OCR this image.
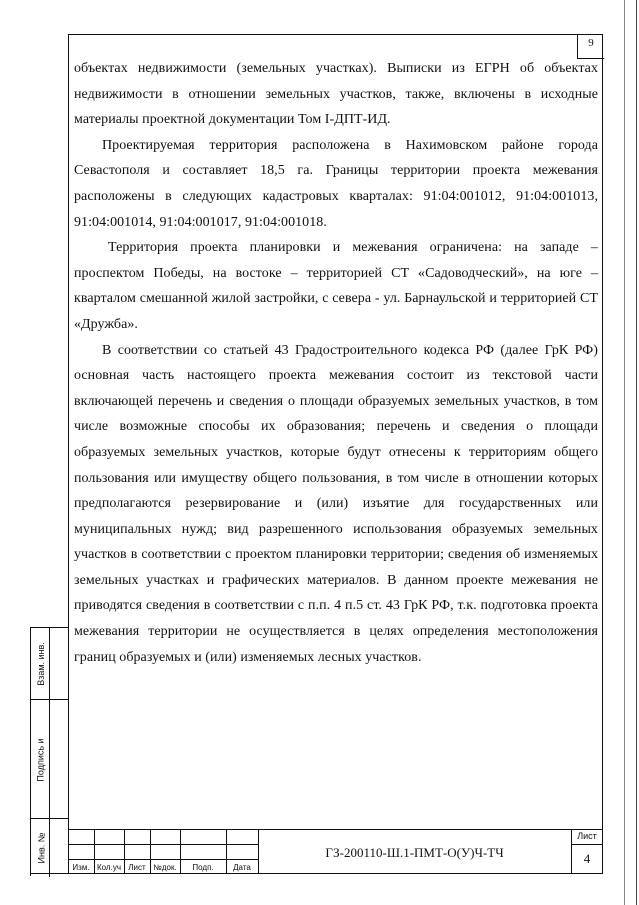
9

объектах недвижимости (земельных участках). Выписки из ЕГРН об объектах недвижимости в отношении земельных участков, также, включены в исходные материалы проектной документации Том I-ДПТ-ИД.

Проектируемая территория расположена в Нахимовском районе города Севастополя и составляет 18,5 га. Границы территории проекта межевания расположены в следующих кадастровых кварталах: 91:04:001012, 91:04:001013, 91:04:001014, 91:04:001017, 91:04:001018.

Территория проекта планировки и межевания ограничена: на западе – проспектом Победы, на востоке – территорией СТ «Садоводческий», на юге – кварталом смешанной жилой застройки, с севера - ул. Барнаульской и территорией СТ «Дружба».

В соответствии со статьей 43 Градостроительного кодекса РФ (далее ГрК РФ) основная часть настоящего проекта межевания состоит из текстовой части включающей перечень и сведения о площади образуемых земельных участков, в том числе возможные способы их образования; перечень и сведения о площади образуемых земельных участков, которые будут отнесены к территориям общего пользования или имуществу общего пользования, в том числе в отношении которых предполагаются резервирование и (или) изъятие для государственных или муниципальных нужд; вид разрешенного использования образуемых земельных участков в соответствии с проектом планировки территории; сведения об изменяемых земельных участках и графических материалов. В данном проекте межевания не приводятся сведения в соответствии с п.п. 4 п.5 ст. 43 ГрК РФ, т.к. подготовка проекта межевания территории не осуществляется в целях определения местоположения границ образуемых и (или) изменяемых лесных участков.

Взам. инв.
Подпись и
Инв. №
Изм. Кол.уч Лист №док.	Подп.	Дата
ГЗ-200110-Ш.1-ПМТ-О(У)Ч-ТЧ
Лист
4
